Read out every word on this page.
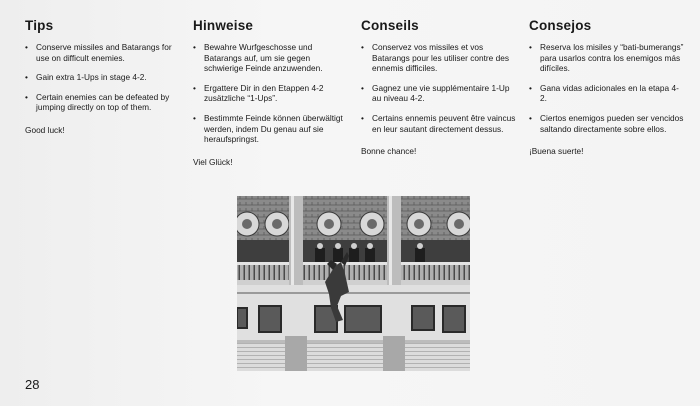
Tips
• Conserve missiles and Batarangs for use on difficult enemies.
• Gain extra 1-Ups in stage 4-2.
• Certain enemies can be defeated by jumping directly on top of them.
Good luck!
Hinweise
• Bewahre Wurfgeschosse und Batarangs auf, um sie gegen schwierige Feinde anzuwenden.
• Ergattere Dir in den Etappen 4-2 zusätzliche “1-Ups”.
• Bestimmte Feinde können überwältigt werden, indem Du genau auf sie heraufspringst.
Viel Glück!
Conseils
• Conservez vos missiles et vos Batarangs pour les utiliser contre des ennemis difficiles.
• Gagnez une vie supplémentaire 1-Up au niveau 4-2.
• Certains ennemis peuvent être vaincus en leur sautant directement dessus.
Bonne chance!
Consejos
• Reserva los misiles y “bati-bumerangs” para usarlos contra los enemigos más difíciles.
• Gana vidas adicionales en la etapa 4-2.
• Ciertos enemigos pueden ser vencidos saltando directamente sobre ellos.
¡Buena suerte!
28
